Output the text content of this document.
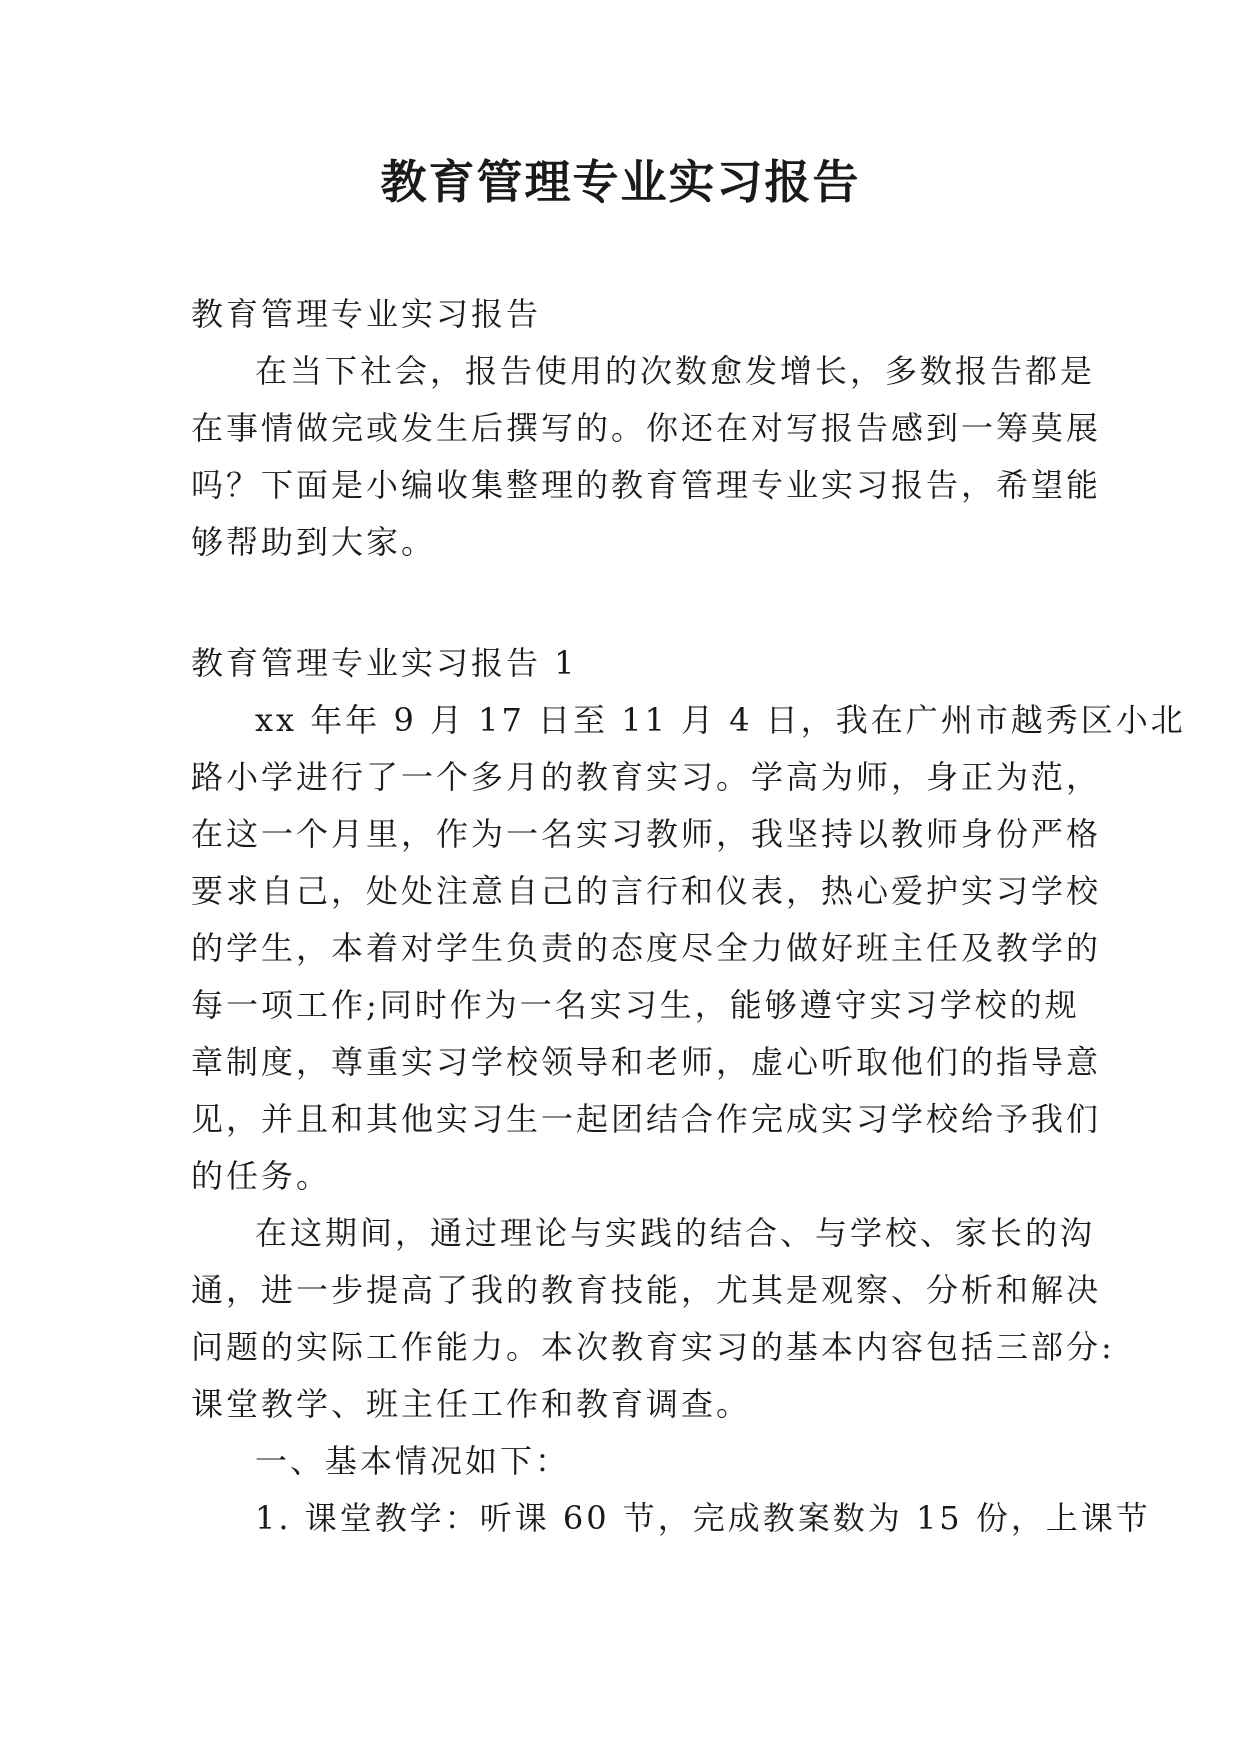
教育管理专业实习报告
教育管理专业实习报告
在当下社会，报告使用的次数愈发增长，多数报告都是
在事情做完或发生后撰写的。你还在对写报告感到一筹莫展
吗？下面是小编收集整理的教育管理专业实习报告，希望能
够帮助到大家。
教育管理专业实习报告 1
xx 年年 9 月 17 日至 11 月 4 日，我在广州市越秀区小北
路小学进行了一个多月的教育实习。学高为师，身正为范，
在这一个月里，作为一名实习教师，我坚持以教师身份严格
要求自己，处处注意自己的言行和仪表，热心爱护实习学校
的学生，本着对学生负责的态度尽全力做好班主任及教学的
每一项工作;同时作为一名实习生，能够遵守实习学校的规
章制度，尊重实习学校领导和老师，虚心听取他们的指导意
见，并且和其他实习生一起团结合作完成实习学校给予我们
的任务。
在这期间，通过理论与实践的结合、与学校、家长的沟
通，进一步提高了我的教育技能，尤其是观察、分析和解决
问题的实际工作能力。本次教育实习的基本内容包括三部分:
课堂教学、班主任工作和教育调查。
一、基本情况如下：
1. 课堂教学：听课 60 节，完成教案数为 15 份，上课节
